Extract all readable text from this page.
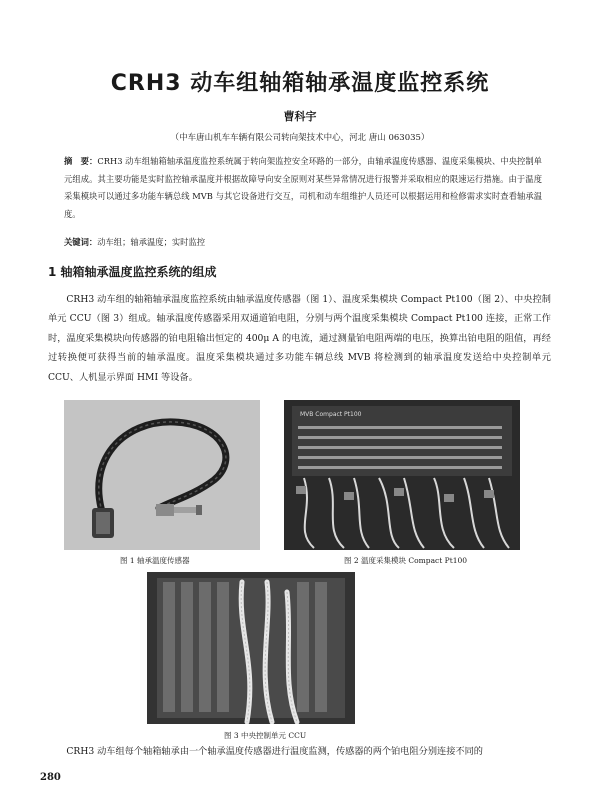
CRH3 动车组轴箱轴承温度监控系统
曹科宇
（中车唐山机车车辆有限公司转向架技术中心，河北 唐山 063035）
摘　要：CRH3 动车组轴箱轴承温度监控系统属于转向架监控安全环路的一部分，由轴承温度传感器、温度采集模块、中央控制单元组成。其主要功能是实时监控轴承温度并根据故障导向安全原则对某些异常情况进行报警并采取相应的限速运行措施。由于温度采集模块可以通过多功能车辆总线 MVB 与其它设备进行交互，司机和动车组维护人员还可以根据运用和检修需求实时查看轴承温度。
关键词：动车组；轴承温度；实时监控
1 轴箱轴承温度监控系统的组成
CRH3 动车组的轴箱轴承温度监控系统由轴承温度传感器（图 1）、温度采集模块 Compact Pt100（图 2）、中央控制单元 CCU（图 3）组成。轴承温度传感器采用双通道铂电阻，分别与两个温度采集模块 Compact Pt100 连接，正常工作时，温度采集模块向传感器的铂电阻输出恒定的 400μ A 的电流，通过测量铂电阻两端的电压，换算出铂电阻的阻值，再经过转换便可获得当前的轴承温度。温度采集模块通过多功能车辆总线 MVB 将检测到的轴承温度发送给中央控制单元 CCU、人机显示界面 HMI 等设备。
图 1 轴承温度传感器
MVB Compact Pt100
图 2 温度采集模块 Compact Pt100
图 3 中央控制单元 CCU
CRH3 动车组每个轴箱轴承由一个轴承温度传感器进行温度监测，传感器的两个铂电阻分别连接不同的
280
